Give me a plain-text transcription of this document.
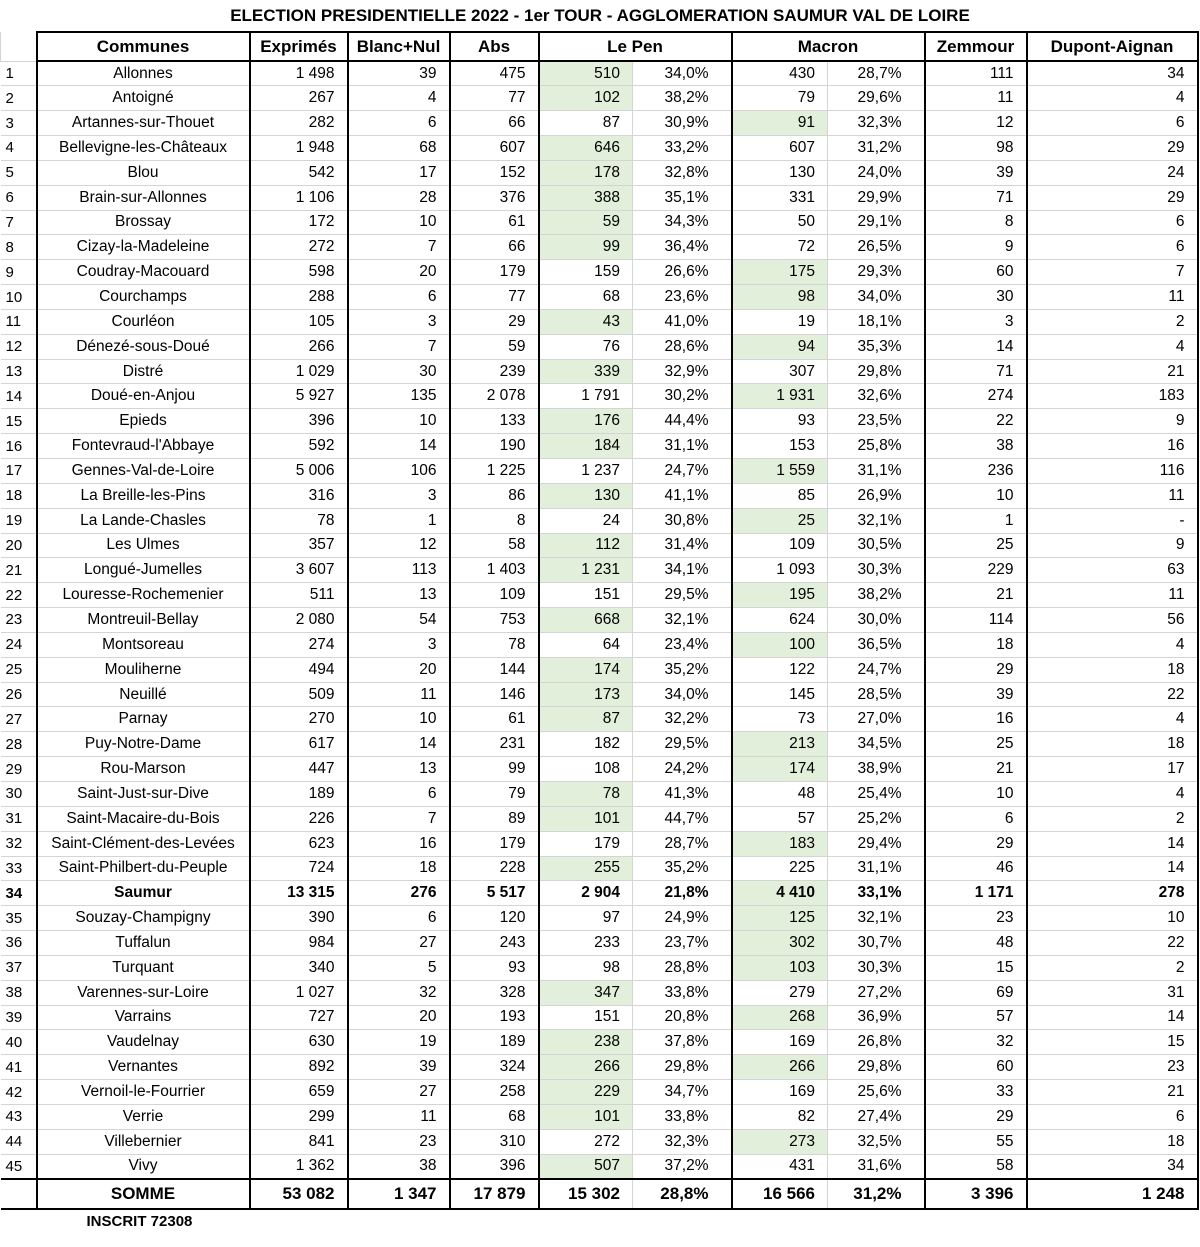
ELECTION PRESIDENTIELLE 2022 - 1er TOUR - AGGLOMERATION SAUMUR VAL DE LOIRE
	Communes	Exprimés	Blanc+Nul	Abs	Le Pen		Macron		Zemmour	Dupont-Aignan
1	Allonnes	1 498	39	475	510	34,0%	430	28,7%	111	34
2	Antoigné	267	4	77	102	38,2%	79	29,6%	11	4
3	Artannes-sur-Thouet	282	6	66	87	30,9%	91	32,3%	12	6
4	Bellevigne-les-Châteaux	1 948	68	607	646	33,2%	607	31,2%	98	29
5	Blou	542	17	152	178	32,8%	130	24,0%	39	24
6	Brain-sur-Allonnes	1 106	28	376	388	35,1%	331	29,9%	71	29
7	Brossay	172	10	61	59	34,3%	50	29,1%	8	6
8	Cizay-la-Madeleine	272	7	66	99	36,4%	72	26,5%	9	6
9	Coudray-Macouard	598	20	179	159	26,6%	175	29,3%	60	7
10	Courchamps	288	6	77	68	23,6%	98	34,0%	30	11
11	Courléon	105	3	29	43	41,0%	19	18,1%	3	2
12	Dénezé-sous-Doué	266	7	59	76	28,6%	94	35,3%	14	4
13	Distré	1 029	30	239	339	32,9%	307	29,8%	71	21
14	Doué-en-Anjou	5 927	135	2 078	1 791	30,2%	1 931	32,6%	274	183
15	Epieds	396	10	133	176	44,4%	93	23,5%	22	9
16	Fontevraud-l'Abbaye	592	14	190	184	31,1%	153	25,8%	38	16
17	Gennes-Val-de-Loire	5 006	106	1 225	1 237	24,7%	1 559	31,1%	236	116
18	La Breille-les-Pins	316	3	86	130	41,1%	85	26,9%	10	11
19	La Lande-Chasles	78	1	8	24	30,8%	25	32,1%	1	-
20	Les Ulmes	357	12	58	112	31,4%	109	30,5%	25	9
21	Longué-Jumelles	3 607	113	1 403	1 231	34,1%	1 093	30,3%	229	63
22	Louresse-Rochemenier	511	13	109	151	29,5%	195	38,2%	21	11
23	Montreuil-Bellay	2 080	54	753	668	32,1%	624	30,0%	114	56
24	Montsoreau	274	3	78	64	23,4%	100	36,5%	18	4
25	Mouliherne	494	20	144	174	35,2%	122	24,7%	29	18
26	Neuillé	509	11	146	173	34,0%	145	28,5%	39	22
27	Parnay	270	10	61	87	32,2%	73	27,0%	16	4
28	Puy-Notre-Dame	617	14	231	182	29,5%	213	34,5%	25	18
29	Rou-Marson	447	13	99	108	24,2%	174	38,9%	21	17
30	Saint-Just-sur-Dive	189	6	79	78	41,3%	48	25,4%	10	4
31	Saint-Macaire-du-Bois	226	7	89	101	44,7%	57	25,2%	6	2
32	Saint-Clément-des-Levées	623	16	179	179	28,7%	183	29,4%	29	14
33	Saint-Philbert-du-Peuple	724	18	228	255	35,2%	225	31,1%	46	14
34	Saumur	13 315	276	5 517	2 904	21,8%	4 410	33,1%	1 171	278
35	Souzay-Champigny	390	6	120	97	24,9%	125	32,1%	23	10
36	Tuffalun	984	27	243	233	23,7%	302	30,7%	48	22
37	Turquant	340	5	93	98	28,8%	103	30,3%	15	2
38	Varennes-sur-Loire	1 027	32	328	347	33,8%	279	27,2%	69	31
39	Varrains	727	20	193	151	20,8%	268	36,9%	57	14
40	Vaudelnay	630	19	189	238	37,8%	169	26,8%	32	15
41	Vernantes	892	39	324	266	29,8%	266	29,8%	60	23
42	Vernoil-le-Fourrier	659	27	258	229	34,7%	169	25,6%	33	21
43	Verrie	299	11	68	101	33,8%	82	27,4%	29	6
44	Villebernier	841	23	310	272	32,3%	273	32,5%	55	18
45	Vivy	1 362	38	396	507	37,2%	431	31,6%	58	34
	SOMME	53 082	1 347	17 879	15 302	28,8%	16 566	31,2%	3 396	1 248
	INSCRIT 72308									
